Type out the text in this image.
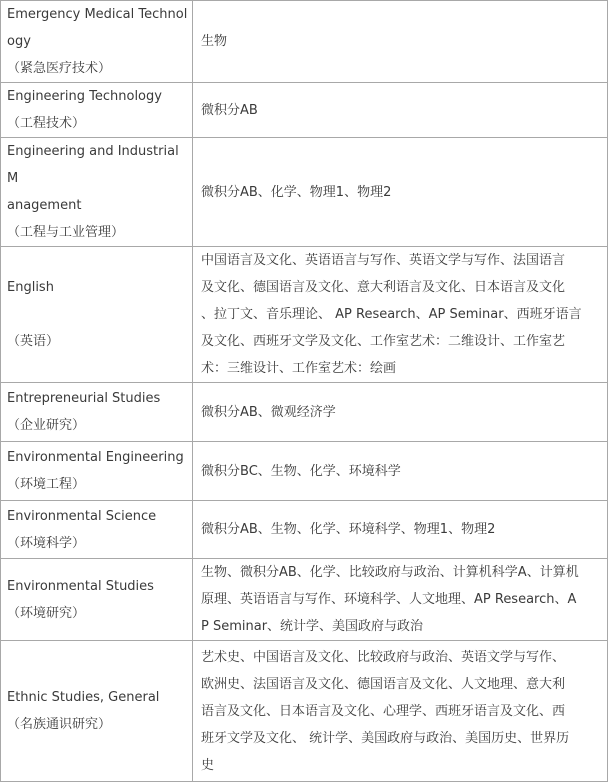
Emergency Medical Technol
ogy
（紧急医疗技术）	生物

Engineering Technology
（工程技术）	微积分AB

Engineering and Industrial M
anagement
（工程与工业管理）	微积分AB、化学、物理1、物理2

English
（英语）	中国语言及文化、英语语言与写作、英语文学与写作、法国语言
及文化、德国语言及文化、意大利语言及文化、日本语言及文化
、拉丁文、音乐理论、 AP Research、AP Seminar、西班牙语言
及文化、西班牙文学及文化、工作室艺术：二维设计、工作室艺
术：三维设计、工作室艺术：绘画

Entrepreneurial Studies
（企业研究）	微积分AB、微观经济学

Environmental Engineering
（环境工程）	微积分BC、生物、化学、环境科学

Environmental Science
（环境科学）	微积分AB、生物、化学、环境科学、物理1、物理2

Environmental Studies
（环境研究）	生物、微积分AB、化学、比较政府与政治、计算机科学A、计算机
原理、英语语言与写作、环境科学、人文地理、AP Research、A
P Seminar、统计学、美国政府与政治

Ethnic Studies, General
（名族通识研究）	艺术史、中国语言及文化、比较政府与政治、英语文学与写作、
欧洲史、法国语言及文化、德国语言及文化、人文地理、意大利
语言及文化、日本语言及文化、心理学、西班牙语言及文化、西
班牙文学及文化、 统计学、美国政府与政治、美国历史、世界历
史
